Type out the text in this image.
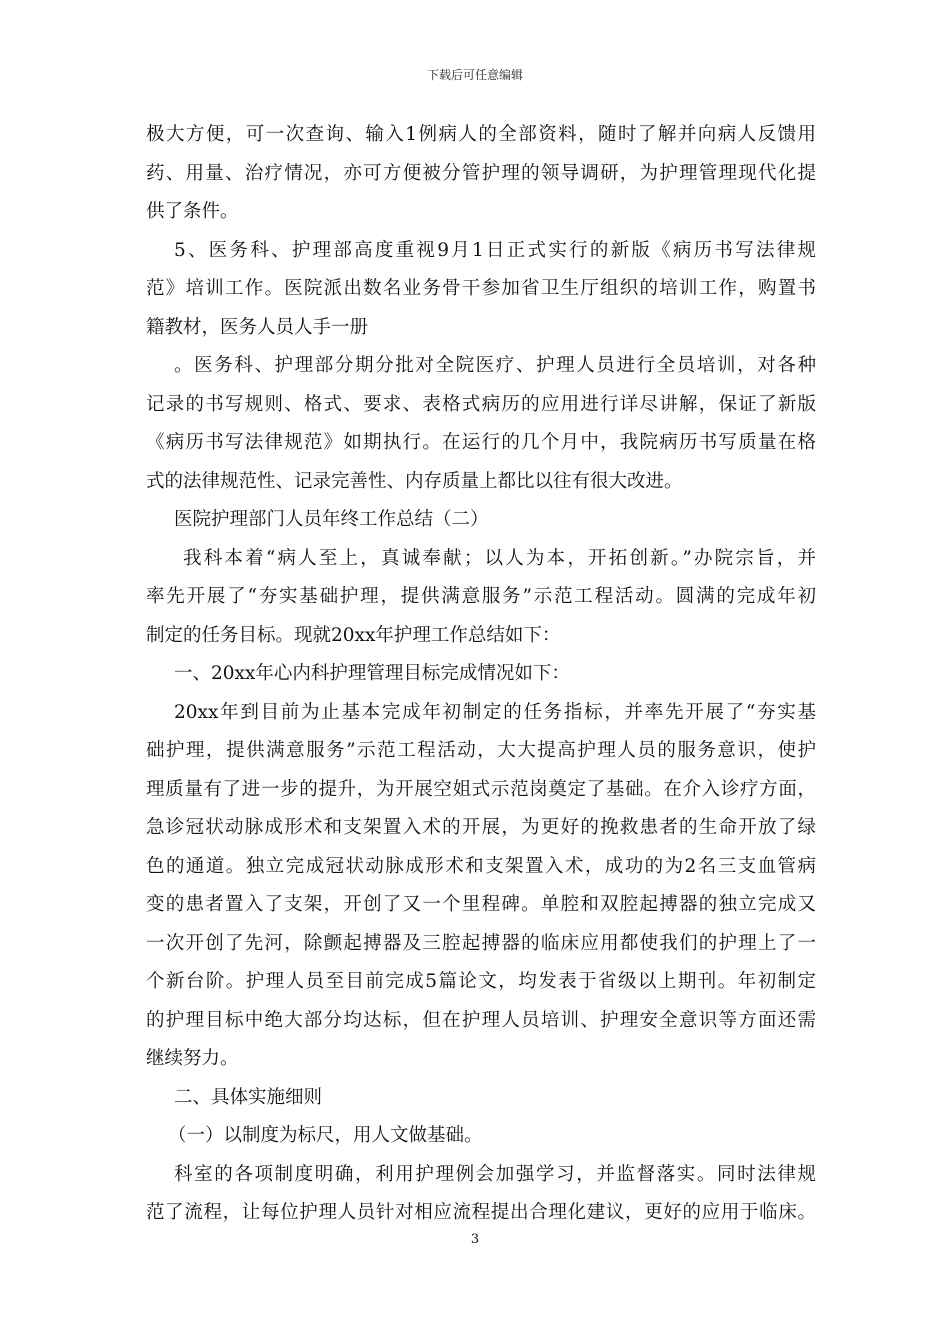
下载后可任意编辑
极大方便，可一次查询、输入1例病人的全部资料，随时了解并向病人反馈用
药、用量、治疗情况，亦可方便被分管护理的领导调研，为护理管理现代化提
供了条件。
5、医务科、护理部高度重视9月1日正式实行的新版《病历书写法律规
范》培训工作。医院派出数名业务骨干参加省卫生厅组织的培训工作，购置书
籍教材，医务人员人手一册
。医务科、护理部分期分批对全院医疗、护理人员进行全员培训，对各种
记录的书写规则、格式、要求、表格式病历的应用进行详尽讲解，保证了新版
《病历书写法律规范》如期执行。在运行的几个月中，我院病历书写质量在格
式的法律规范性、记录完善性、内存质量上都比以往有很大改进。
医院护理部门人员年终工作总结（二）
我科本着“病人至上，真诚奉献；以人为本，开拓创新。”办院宗旨，并
率先开展了“夯实基础护理，提供满意服务”示范工程活动。圆满的完成年初
制定的任务目标。现就20xx年护理工作总结如下：
一、20xx年心内科护理管理目标完成情况如下：
20xx年到目前为止基本完成年初制定的任务指标，并率先开展了“夯实基
础护理，提供满意服务”示范工程活动，大大提高护理人员的服务意识，使护
理质量有了进一步的提升，为开展空姐式示范岗奠定了基础。在介入诊疗方面，
急诊冠状动脉成形术和支架置入术的开展，为更好的挽救患者的生命开放了绿
色的通道。独立完成冠状动脉成形术和支架置入术，成功的为2名三支血管病
变的患者置入了支架，开创了又一个里程碑。单腔和双腔起搏器的独立完成又
一次开创了先河，除颤起搏器及三腔起搏器的临床应用都使我们的护理上了一
个新台阶。护理人员至目前完成5篇论文，均发表于省级以上期刊。年初制定
的护理目标中绝大部分均达标，但在护理人员培训、护理安全意识等方面还需
继续努力。
二、具体实施细则
（一）以制度为标尺，用人文做基础。
科室的各项制度明确，利用护理例会加强学习，并监督落实。同时法律规
范了流程，让每位护理人员针对相应流程提出合理化建议，更好的应用于临床。
3
